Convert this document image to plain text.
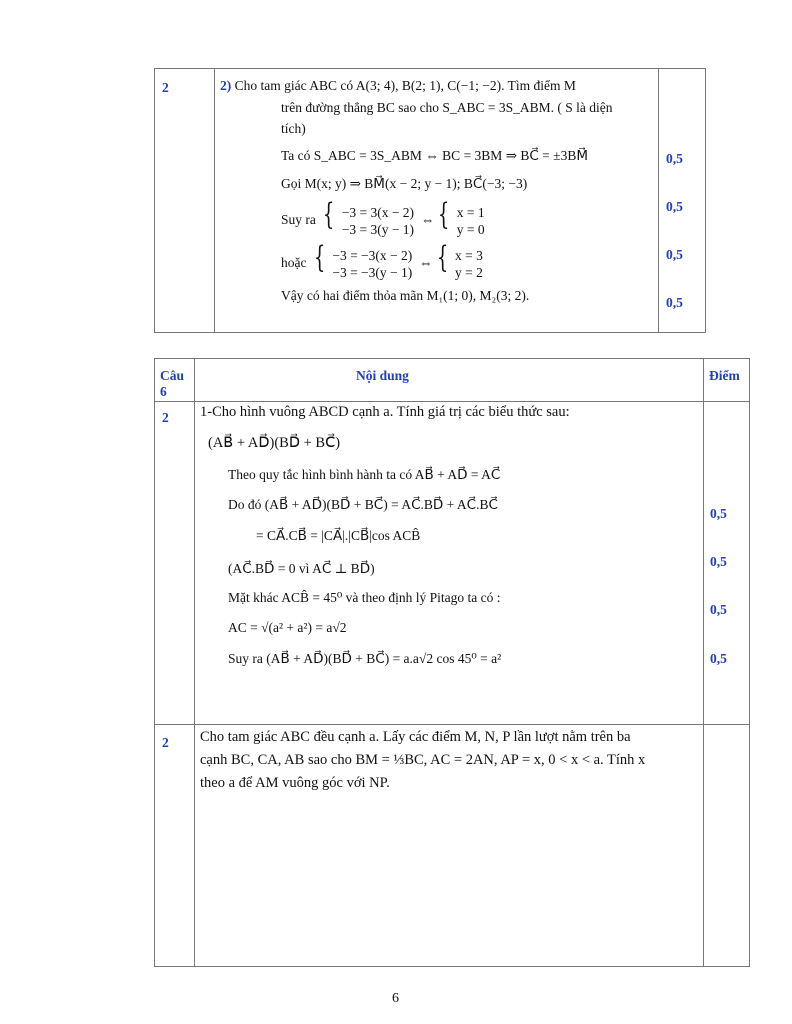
2	2) Cho tam giác ABC có A(3; 4), B(2; 1), C(−1; −2). Tìm điểm M
trên đường thẳng BC sao cho S_ABC = 3S_ABM. ( S là diện
tích)
Ta có S_ABC = 3S_ABM ⇔ BC = 3BM ⇒ BC⃗ = ±3BM⃗
Gọi M(x; y) ⇒ BM⃗(x − 2; y − 1); BC⃗(−3; −3)
Suy ra { −3 = 3(x − 2)
−3 = 3(y − 1)  ⇔ { x = 1
y = 0
hoặc { −3 = −3(x − 2)
−3 = −3(y − 1)  ⇔ { x = 3
y = 2
Vậy có hai điểm thỏa mãn M₁(1; 0), M₂(3; 2).
0,5
0,5
0,5
0,5
Câu
6
Nội dung	Điểm
2 1-Cho hình vuông ABCD cạnh a. Tính giá trị các biểu thức sau:
(AB⃗ + AD⃗)(BD⃗ + BC⃗)
Theo quy tắc hình bình hành ta có AB⃗ + AD⃗ = AC⃗
Do đó (AB⃗ + AD⃗)(BD⃗ + BC⃗) = AC⃗.BD⃗ + AC⃗.BC⃗
= CA⃗.CB⃗ = |CA⃗|.|CB⃗|cos ACB̂
(AC⃗.BD⃗ = 0 vì AC⃗ ⊥ BD⃗)
Mặt khác ACB̂ = 45⁰ và theo định lý Pitago ta có :
AC = √(a² + a²) = a√2
Suy ra (AB⃗ + AD⃗)(BD⃗ + BC⃗) = a.a√2 cos 45⁰ = a²
0,5
0,5
0,5
0,5
2 Cho tam giác ABC đều cạnh a. Lấy các điểm M, N, P lần lượt nằm trên ba
cạnh BC, CA, AB sao cho BM = ⅓BC, AC = 2AN, AP = x, 0 < x < a. Tính x
theo a để AM vuông góc với NP.
6
